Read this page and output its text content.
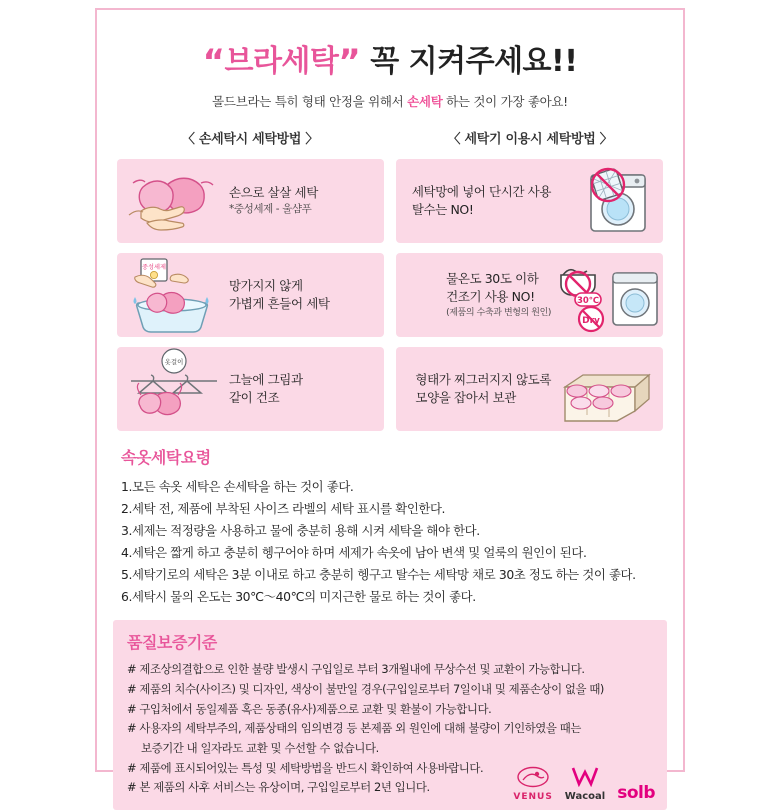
“브라세탁” 꼭 지켜주세요!!
몰드브라는 특히 형태 안정을 위해서 손세탁 하는 것이 가장 좋아요!
〈 손세탁시 세탁방법 〉	〈 세탁기 이용시 세탁방법 〉
손으로 살살 세탁
*중성세제 - 울샴푸
세탁망에 넣어 단시간 사용
탈수는 NO!
중성세제
망가지지 않게
가볍게 흔들어 세탁	30℃
Dry
물온도 30도 이하
건조기 사용 NO!
(제품의 수축과 변형의 원인)
옷걸이
그늘에 그림과
같이 건조
형태가 찌그러지지 않도록
모양을 잡아서 보관
속옷세탁요령
1.모든 속옷 세탁은 손세탁을 하는 것이 좋다.
2.세탁 전, 제품에 부착된 사이즈 라벨의 세탁 표시를 확인한다.
3.세제는 적정량을 사용하고 물에 충분히 용해 시켜 세탁을 해야 한다.
4.세탁은 짧게 하고 충분히 헹구어야 하며 세제가 속옷에 남아 변색 및 얼룩의 원인이 된다.
5.세탁기로의 세탁은 3분 이내로 하고 충분히 헹구고 탈수는 세탁망 채로 30초 정도 하는 것이 좋다.
6.세탁시 물의 온도는 30℃～40℃의 미지근한 물로 하는 것이 좋다.
품질보증기준
# 제조상의결합으로 인한 불량 발생시 구입일로 부터 3개월내에 무상수선 및 교환이 가능합니다.
# 제품의 치수(사이즈) 및 디자인, 색상이 불만일 경우(구입일로부터 7일이내 및 제품손상이 없을 때)
# 구입처에서 동일제품 혹은 동종(유사)제품으로 교환 및 환불이 가능합니다.
# 사용자의 세탁부주의, 제품상태의 임의변경 등 본제품 외 원인에 대해 불량이 기인하였을 때는
보증기간 내 일자라도 교환 및 수선할 수 없습니다.
# 제품에 표시되어있는 특성 및 세탁방법을 반드시 확인하여 사용바랍니다.
# 본 제품의 사후 서비스는 유상이며, 구입일로부터 2년 입니다.
VENUS Wacoal solb
